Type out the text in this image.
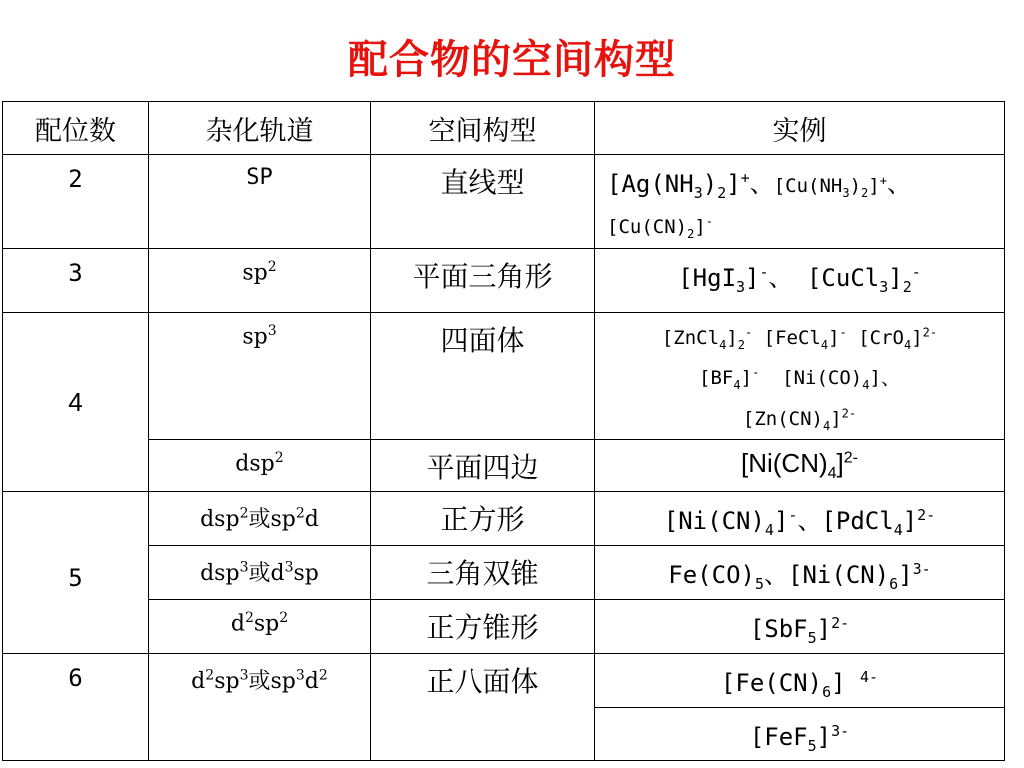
配合物的空间构型
配位数	杂化轨道	空间构型	实例
2	SP	直线型	$[Ag(NH_3)_2]^+$、$[Cu(NH_3)_2]^+$、
$[Cu(CN)_2]^-$
3	$sp^2$	平面三角形	[HgI$_3$]-、 $[CuCl_3]_2^-$
4	$sp^3$	四面体	$[ZnCl_4]_2^-$ [FeCl$_4$]- $[CrO_4]^{2-}$
$[BF_4]^-$  $[Ni(CO)_4]$、
$[Zn(CN)_4]^{2-}$
	dsp$^2$	平面四边	$[Ni(CN)_4]^{2-}$
5	dsp$^2$或$sp^2d$	正方形	$[Ni(CN)_4]^-$、[PdCl$_4$]$^{2-}$
	dsp$^3$或$d^3sp$	三角双锥	$Fe(CO)_5$、$[Ni(CN)_6]^{3-}$
	$d^2sp^2$	正方锥形	$[SbF_5]^{2-}$
6	$d^2sp^3$或$sp^3d^2$	正八面体	$[Fe(CN)_6]$ $^{4-}$
			$[FeF_5]^{3-}$
